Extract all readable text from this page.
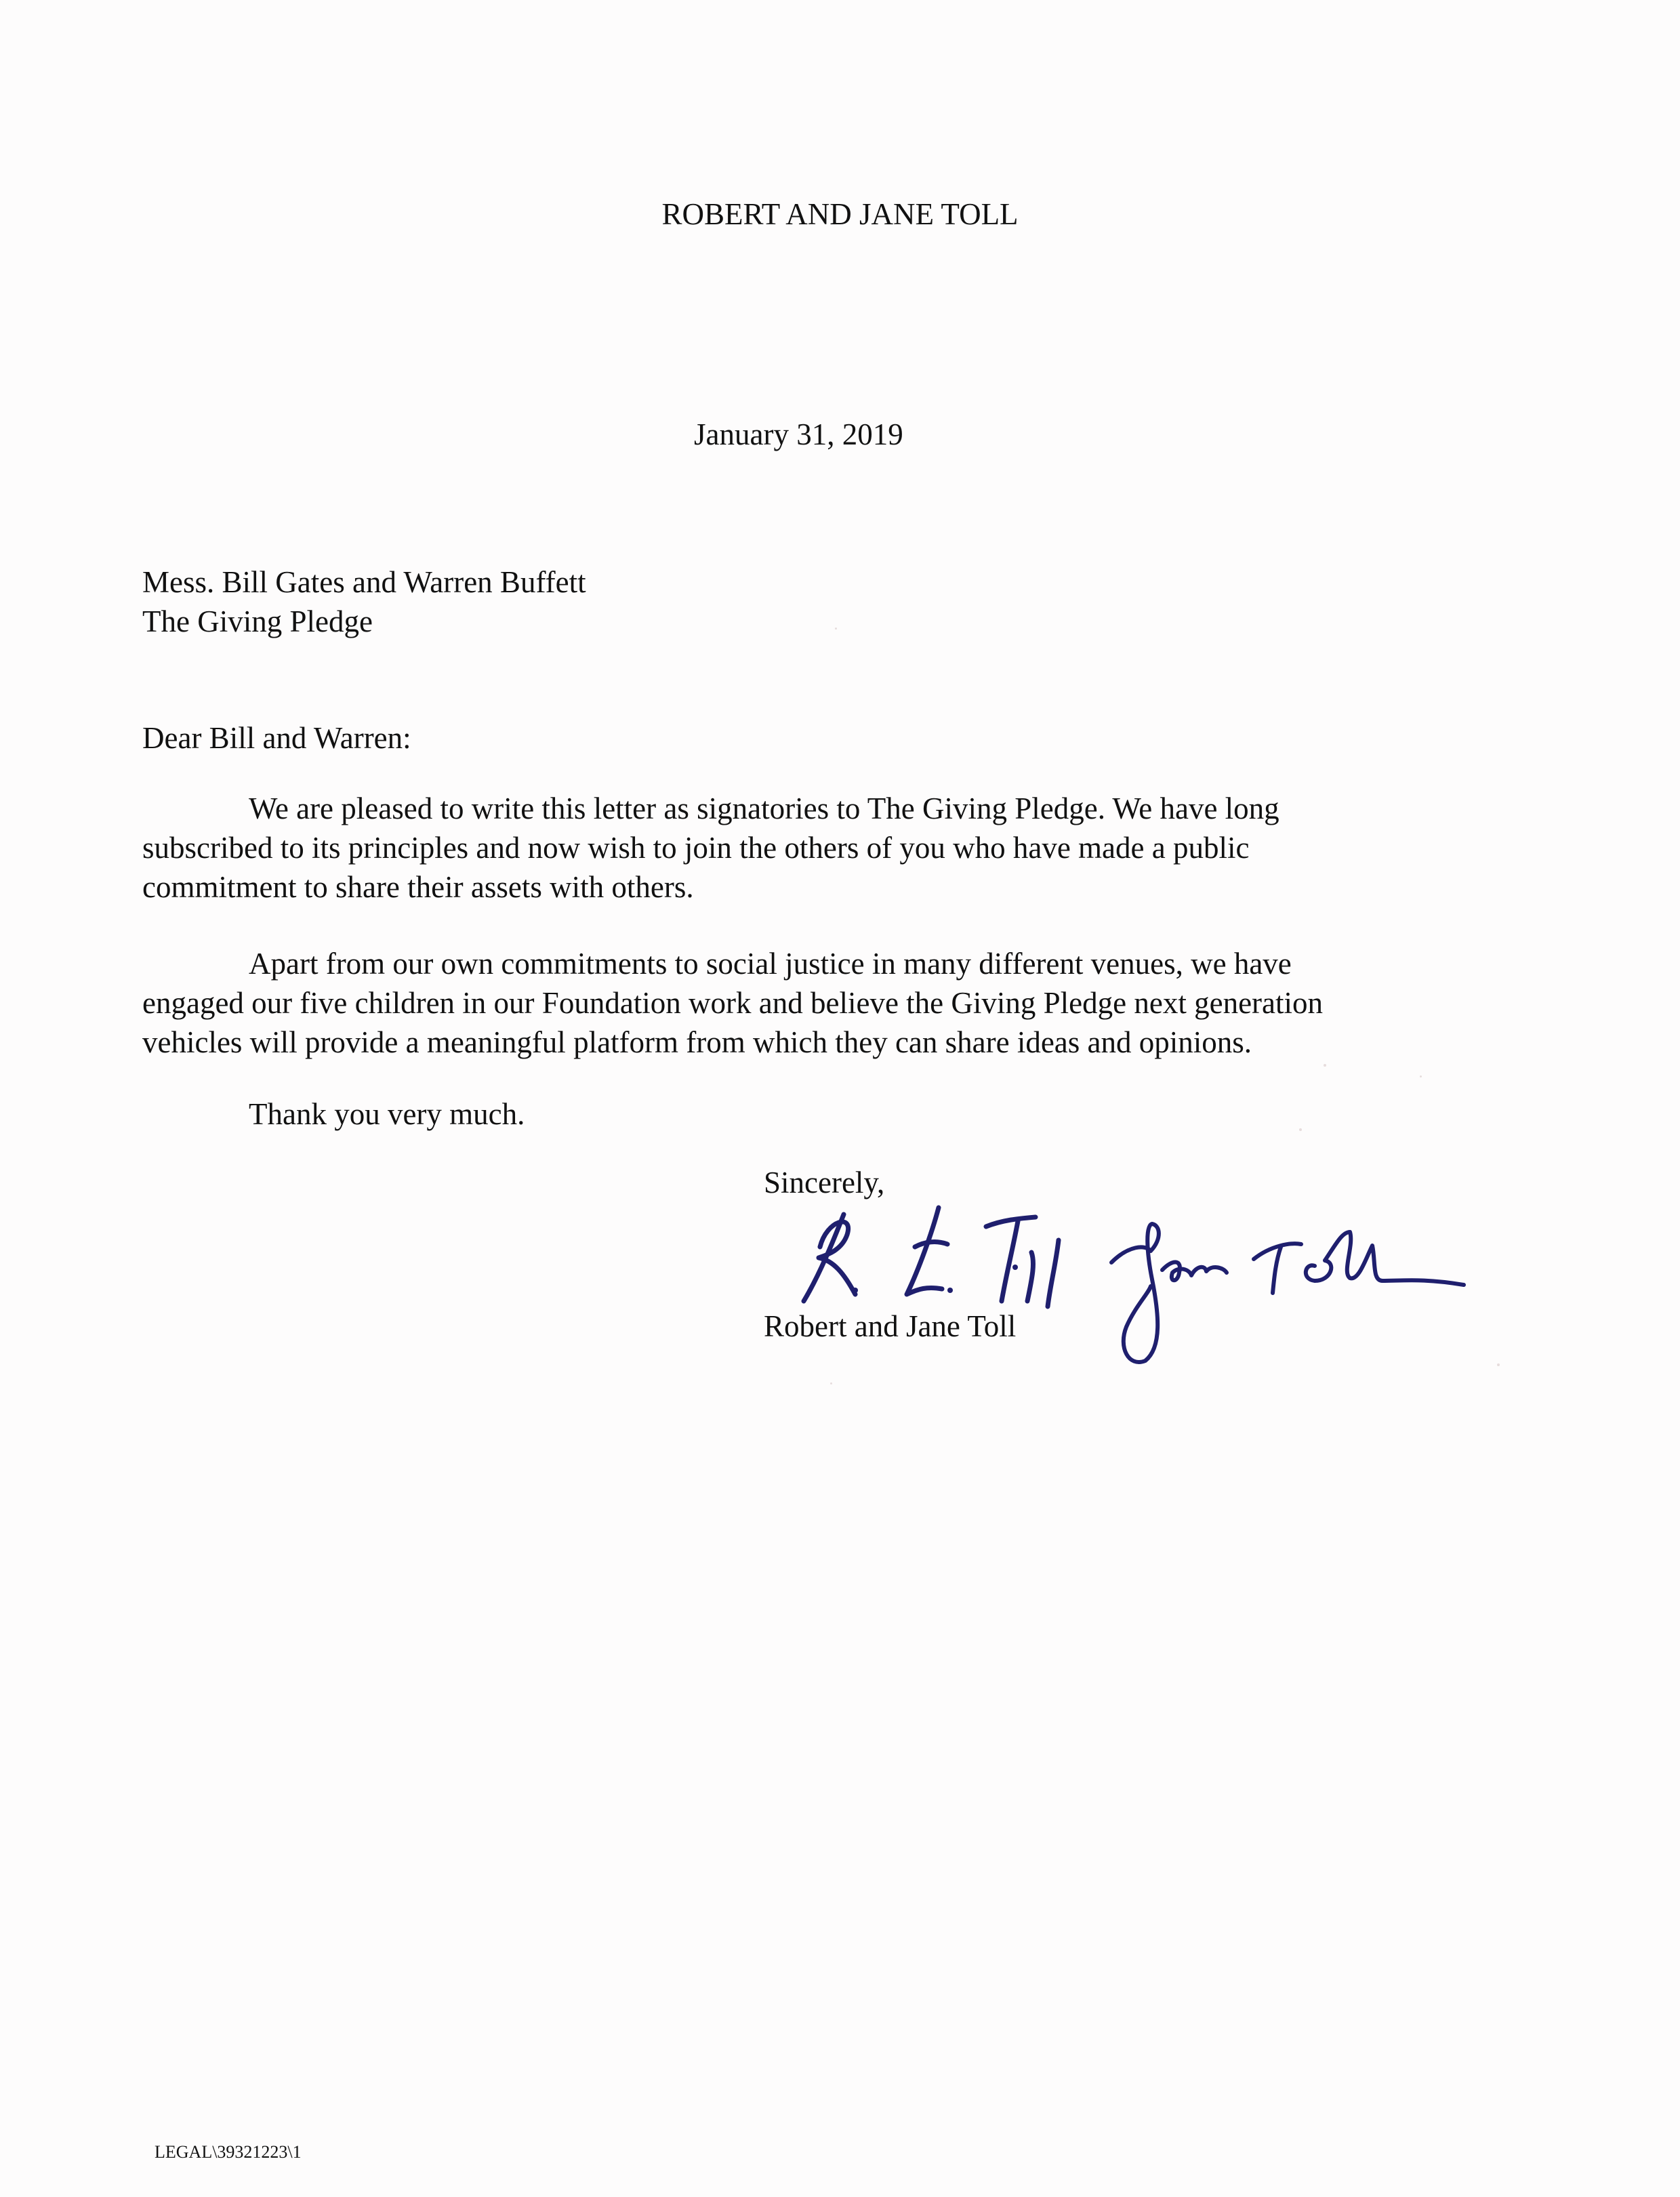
ROBERT AND JANE TOLL
January 31, 2019
Mess. Bill Gates and Warren Buffett
The Giving Pledge
Dear Bill and Warren:
We are pleased to write this letter as signatories to The Giving Pledge. We have long
subscribed to its principles and now wish to join the others of you who have made a public
commitment to share their assets with others.
Apart from our own commitments to social justice in many different venues, we have
engaged our five children in our Foundation work and believe the Giving Pledge next generation
vehicles will provide a meaningful platform from which they can share ideas and opinions.
Thank you very much.
Sincerely,
Robert and Jane Toll
LEGAL\39321223\1
